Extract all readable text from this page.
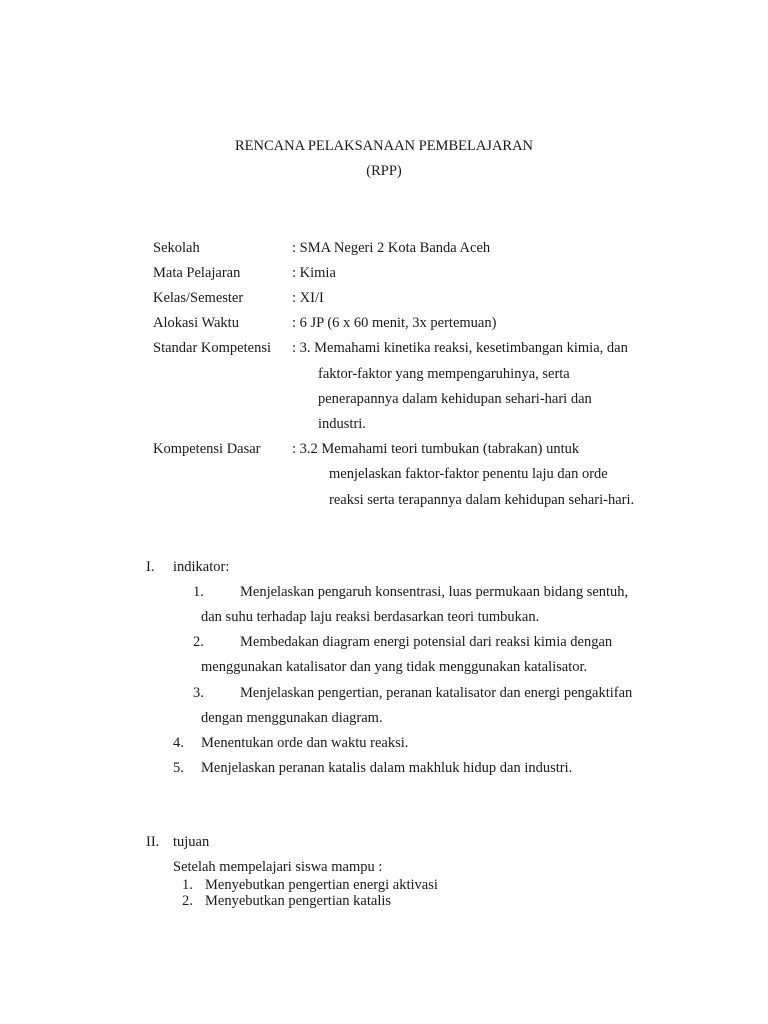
RENCANA PELAKSANAAN PEMBELAJARAN
(RPP)
Sekolah	: SMA Negeri 2 Kota Banda Aceh
Mata Pelajaran	: Kimia
Kelas/Semester	: XI/I
Alokasi Waktu	: 6 JP (6 x 60 menit, 3x pertemuan)
Standar Kompetensi : 3. Memahami kinetika reaksi, kesetimbangan kimia, dan
faktor-faktor yang mempengaruhinya, serta
penerapannya dalam kehidupan sehari-hari dan
industri.
Kompetensi Dasar : 3.2 Memahami teori tumbukan (tabrakan) untuk
menjelaskan faktor-faktor penentu laju dan orde
reaksi serta terapannya dalam kehidupan sehari-hari.
I. indikator:
1. Menjelaskan pengaruh konsentrasi, luas permukaan bidang sentuh,
dan suhu terhadap laju reaksi berdasarkan teori tumbukan.
2. Membedakan diagram energi potensial dari reaksi kimia dengan
menggunakan katalisator dan yang tidak menggunakan katalisator.
3. Menjelaskan pengertian, peranan katalisator dan energi pengaktifan
dengan menggunakan diagram.
4. Menentukan orde dan waktu reaksi.
5. Menjelaskan peranan katalis dalam makhluk hidup dan industri.
II. tujuan
Setelah mempelajari siswa mampu :
1. Menyebutkan pengertian energi aktivasi
2. Menyebutkan pengertian katalis
